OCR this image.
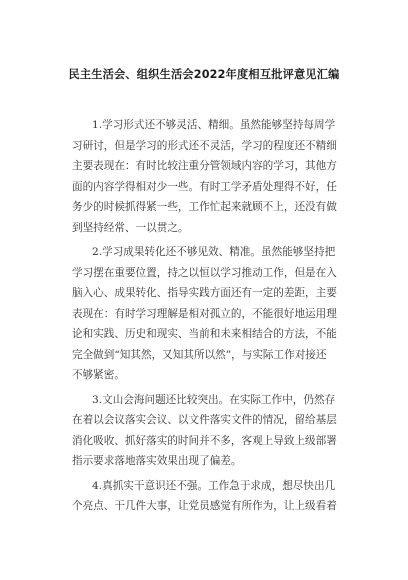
民主生活会、组织生活会2022年度相互批评意见汇编

1.学习形式还不够灵活、精细。虽然能够坚持每周学
习研讨，但是学习的形式还不灵活，学习的程度还不精细
主要表现在：有时比较注重分管领域内容的学习，其他方
面的内容学得相对少一些。有时工学矛盾处理得不好，任
务少的时候抓得紧一些，工作忙起来就顾不上，还没有做
到坚持经常、一以贯之。

2.学习成果转化还不够见效、精准。虽然能够坚持把
学习摆在重要位置，持之以恒以学习推动工作，但是在入
脑入心、成果转化、指导实践方面还有一定的差距，主要
表现在：有时学习理解是相对孤立的，不能很好地运用理
论和实践、历史和现实、当前和未来相结合的方法，不能
完全做到“知其然，又知其所以然”，与实际工作对接还
不够紧密。

3.文山会海问题还比较突出。在实际工作中，仍然存
在着以会议落实会议、以文件落实文件的情况，留给基层
消化吸收、抓好落实的时间并不多，客观上导致上级部署
指示要求落地落实效果出现了偏差。

4.真抓实干意识还不强。工作急于求成，想尽快出几
个亮点、干几件大事，让党员感觉有所作为，让上级看着
